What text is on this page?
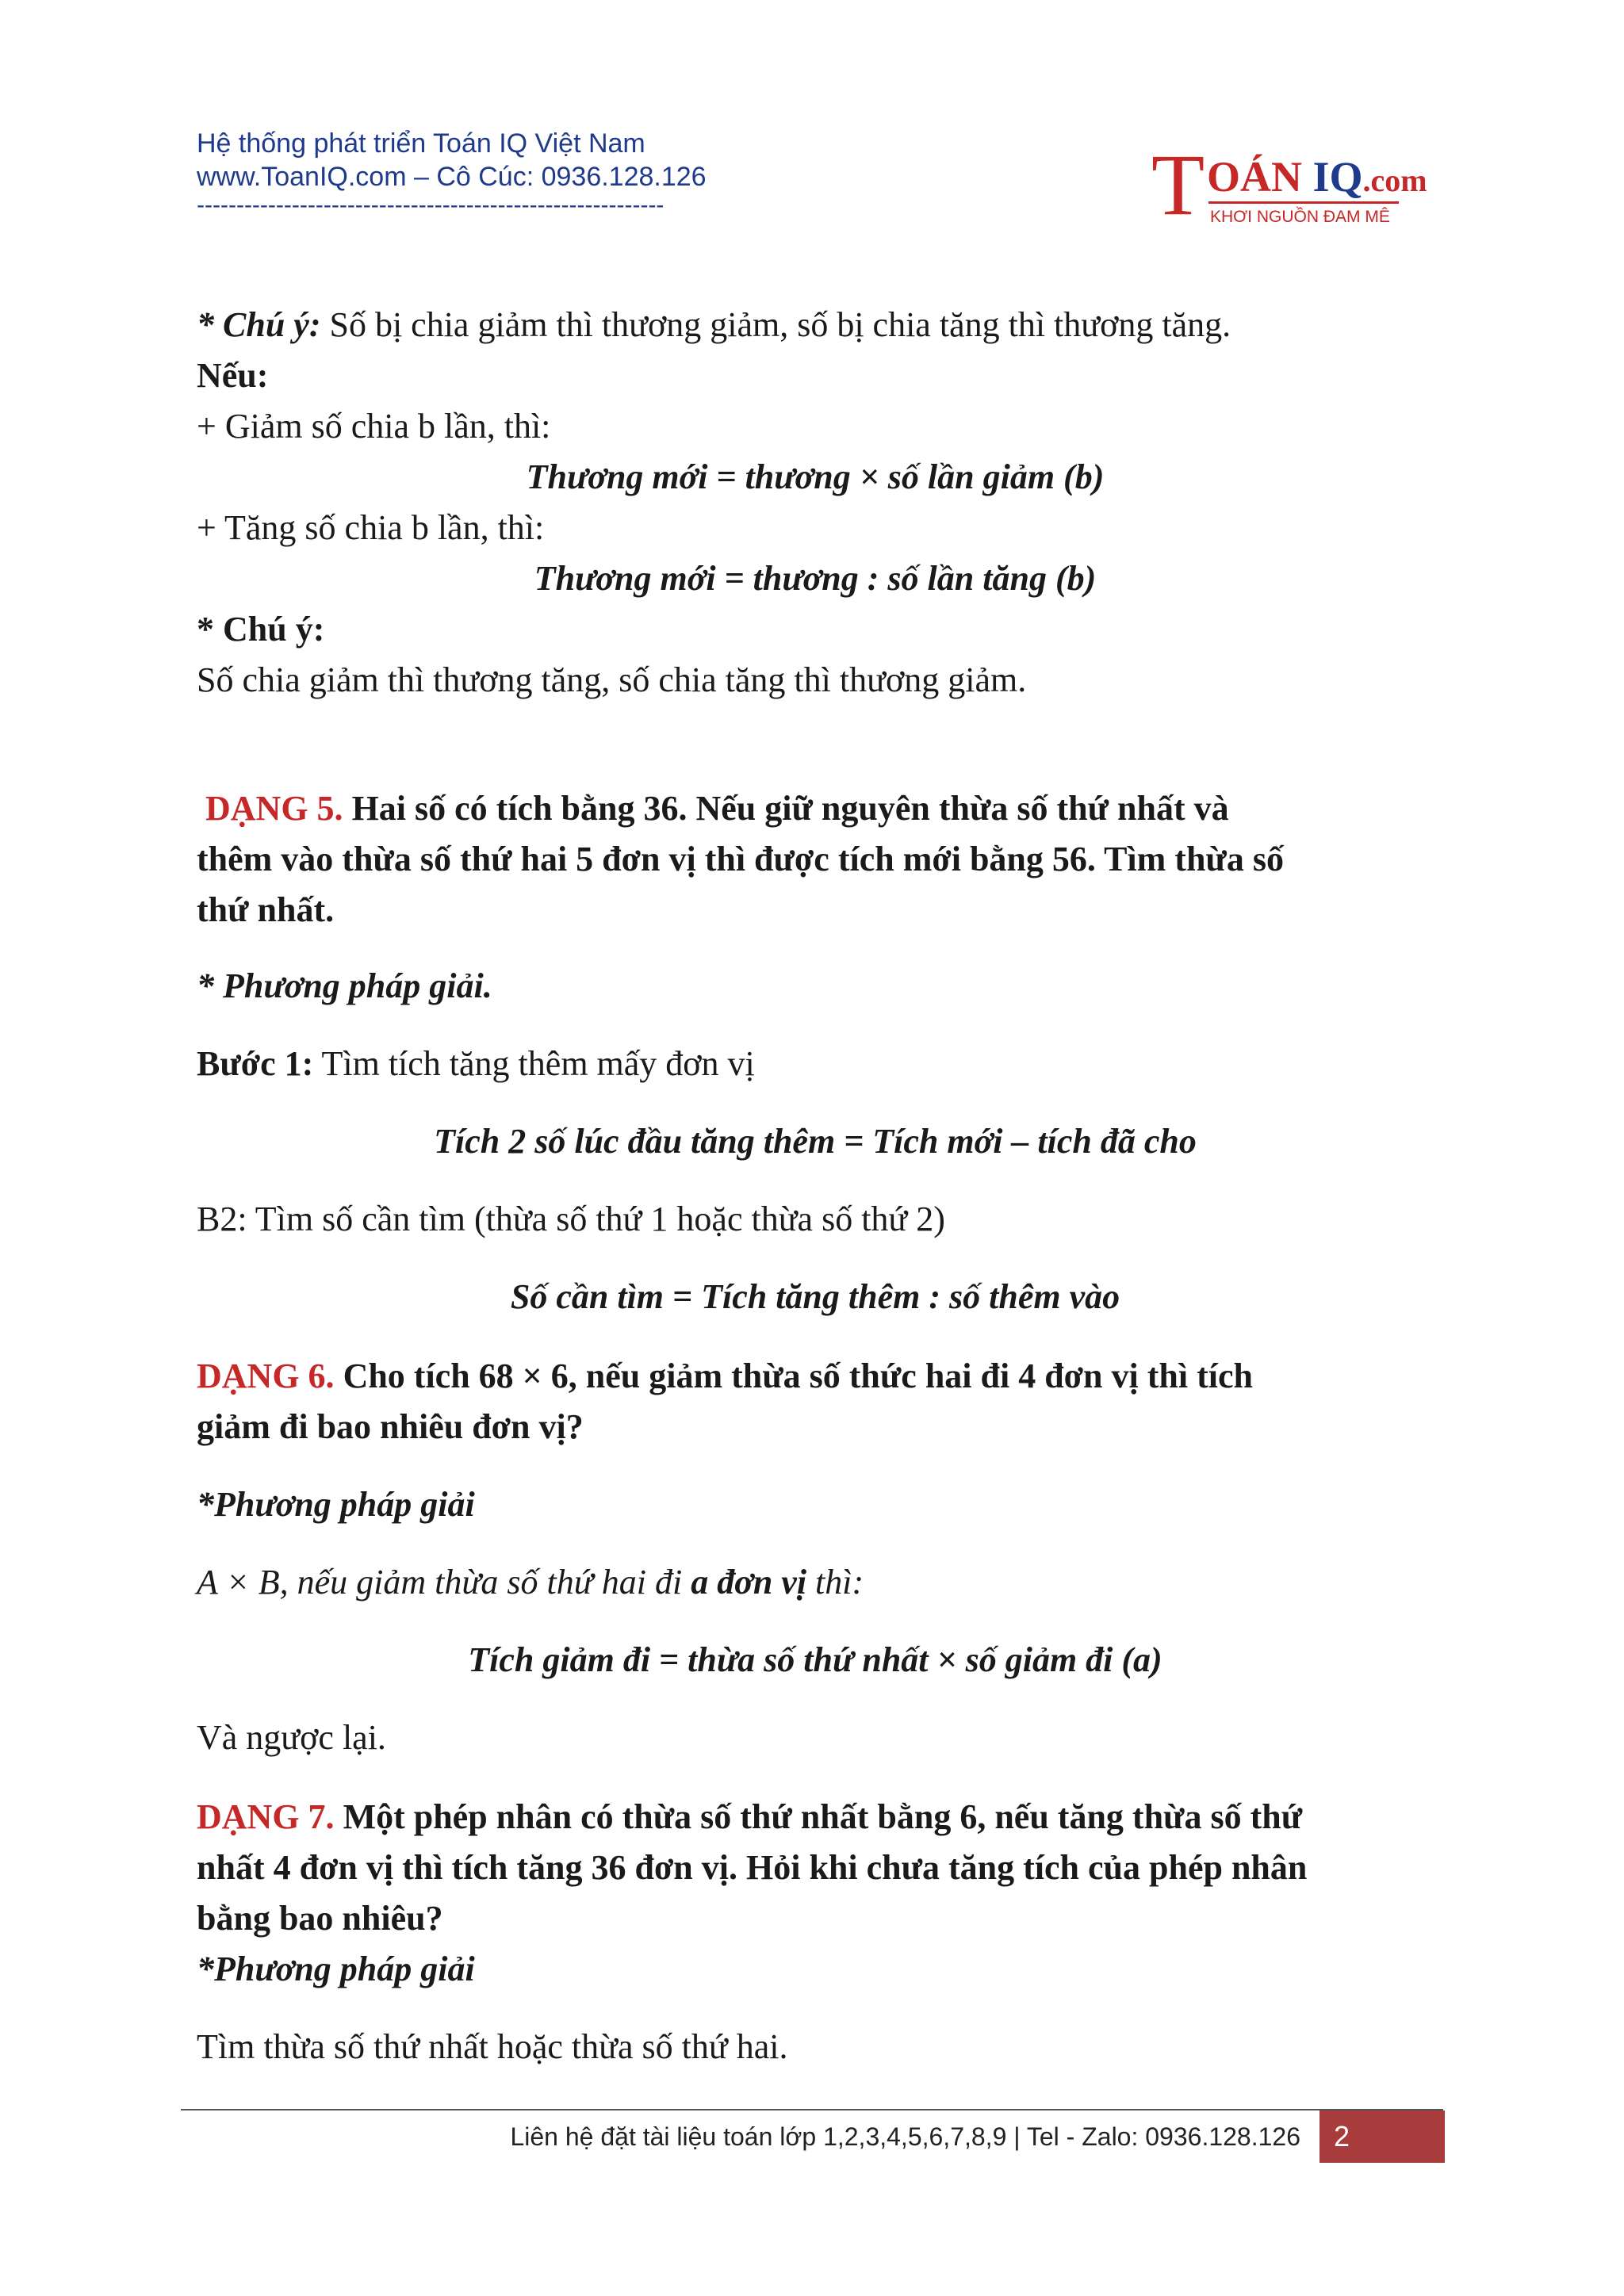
Hệ thống phát triển Toán IQ Việt Nam
www.ToanIQ.com – Cô Cúc: 0936.128.126
-----------------------------------------------------------	T OÁN IQ.com
KHƠI NGUỒN ĐAM MÊ
* Chú ý: Số bị chia giảm thì thương giảm, số bị chia tăng thì thương tăng.
Nếu:
+ Giảm số chia b lần, thì:
Thương mới = thương × số lần giảm (b)
+ Tăng số chia b lần, thì:
Thương mới = thương : số lần tăng (b)
* Chú ý:
Số chia giảm thì thương tăng, số chia tăng thì thương giảm.
DẠNG 5. Hai số có tích bằng 36. Nếu giữ nguyên thừa số thứ nhất và
thêm vào thừa số thứ hai 5 đơn vị thì được tích mới bằng 56. Tìm thừa số
thứ nhất.
* Phương pháp giải.
Bước 1: Tìm tích tăng thêm mấy đơn vị
Tích 2 số lúc đầu tăng thêm = Tích mới – tích đã cho
B2: Tìm số cần tìm (thừa số thứ 1 hoặc thừa số thứ 2)
Số cần tìm = Tích tăng thêm : số thêm vào
DẠNG 6. Cho tích 68 × 6, nếu giảm thừa số thức hai đi 4 đơn vị thì tích
giảm đi bao nhiêu đơn vị?
*Phương pháp giải
A × B, nếu giảm thừa số thứ hai đi a đơn vị thì:
Tích giảm đi = thừa số thứ nhất × số giảm đi (a)
Và ngược lại.
DẠNG 7. Một phép nhân có thừa số thứ nhất bằng 6, nếu tăng thừa số thứ
nhất 4 đơn vị thì tích tăng 36 đơn vị. Hỏi khi chưa tăng tích của phép nhân
bằng bao nhiêu?
*Phương pháp giải
Tìm thừa số thứ nhất hoặc thừa số thứ hai.
Liên hệ đặt tài liệu toán lớp 1,2,3,4,5,6,7,8,9 | Tel - Zalo: 0936.128.126 2
